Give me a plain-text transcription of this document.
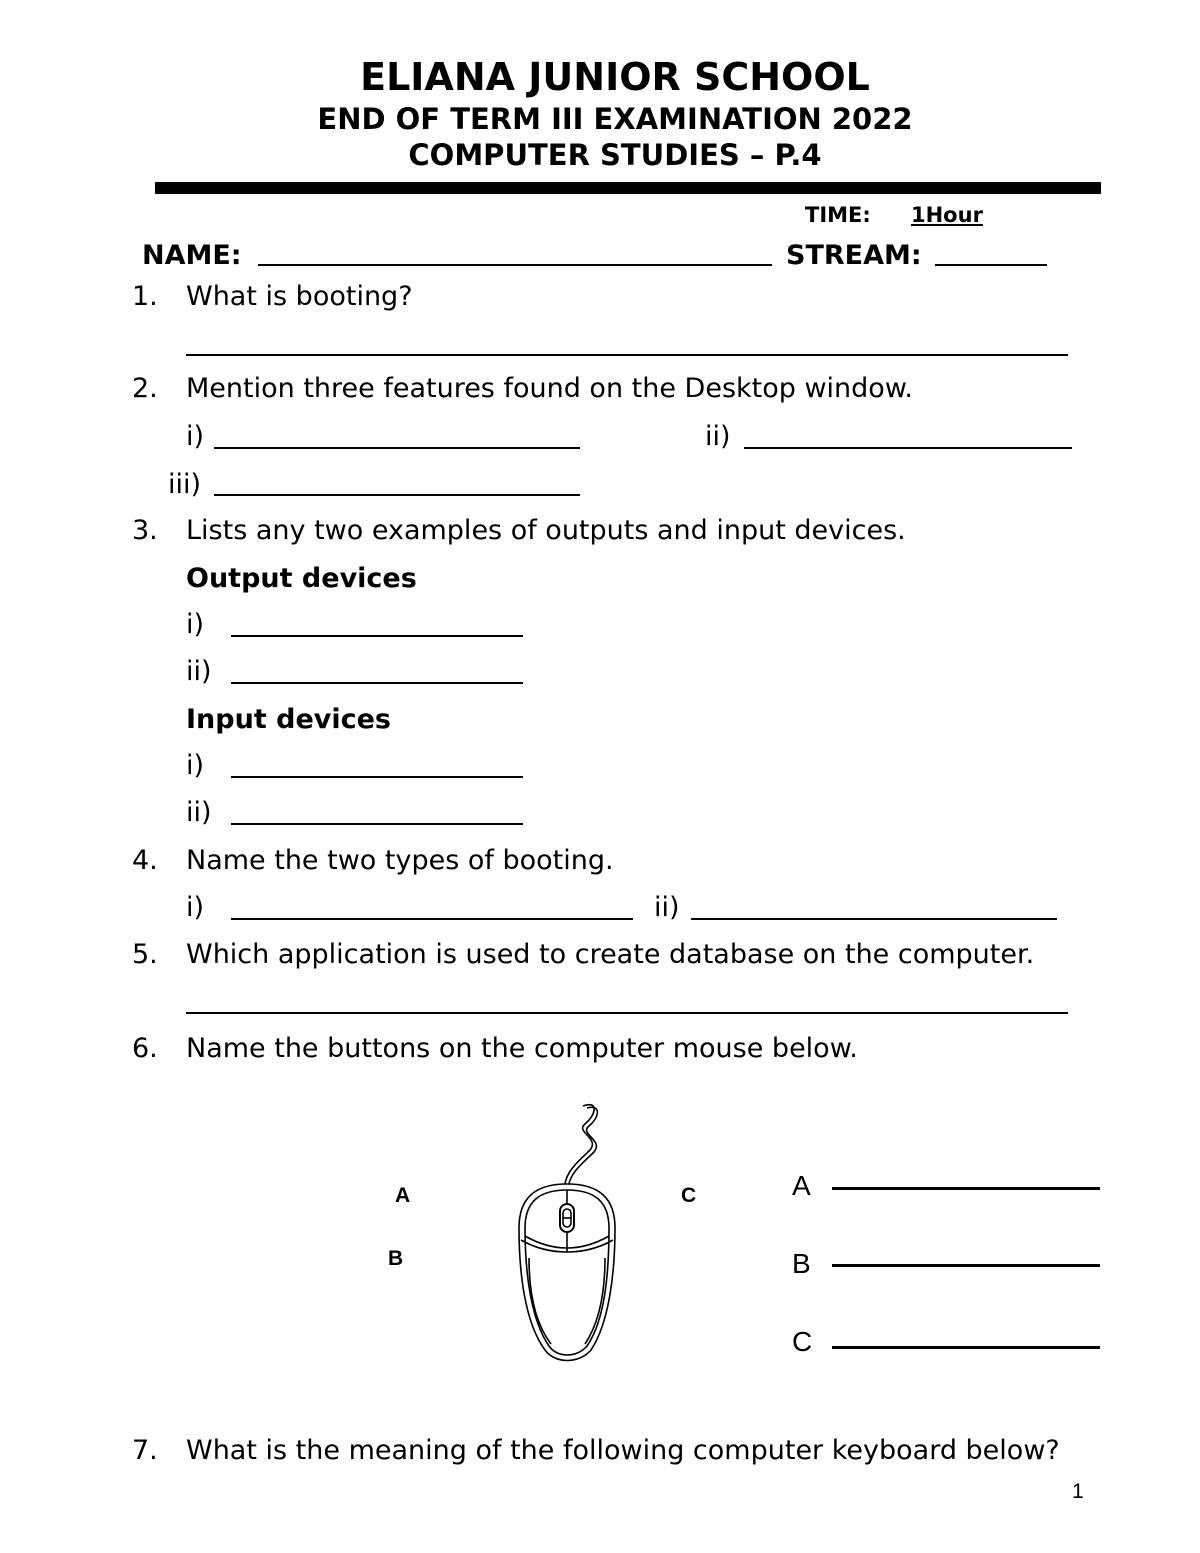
ELIANA JUNIOR SCHOOL
END OF TERM III EXAMINATION 2022
COMPUTER STUDIES – P.4
TIME: 1Hour
NAME:	STREAM:
1. What is booting?
2. Mention three features found on the Desktop window.
i)	ii)
iii)
3. Lists any two examples of outputs and input devices.
Output devices
i)
ii)
Input devices
i)
ii)
4. Name the two types of booting.
i)	ii)
5. Which application is used to create database on the computer.
6. Name the buttons on the computer mouse below.
A
B
C	A
B
C
7. What is the meaning of the following computer keyboard below?
1
